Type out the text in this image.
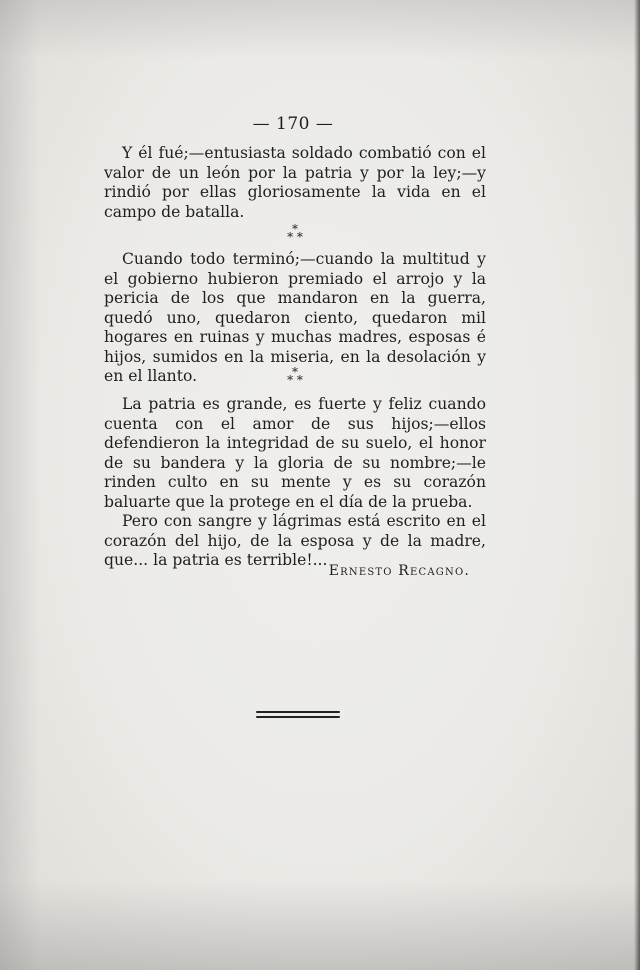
— 170 —

Y él fué;—entusiasta soldado combatió con el valor de un león por la patria y por la ley;—y rindió por ellas gloriosamente la vida en el campo de batalla.

*
* *

Cuando todo terminó;—cuando la multitud y el gobierno hubieron premiado el arrojo y la pericia de los que mandaron en la guerra, quedó uno, quedaron ciento, quedaron mil hogares en ruinas y muchas madres, esposas é hijos, sumidos en la miseria, en la desolación y en el llanto.	*
* *

La patria es grande, es fuerte y feliz cuando cuenta con el amor de sus hijos;—ellos defendieron la integridad de su suelo, el honor de su bandera y la gloria de su nombre;—le rinden culto en su mente y es su corazón baluarte que la protege en el día de la prueba.

Pero con sangre y lágrimas está escrito en el corazón del hijo, de la esposa y de la madre, que... la patria es terrible!...

Ernesto Recagno.
